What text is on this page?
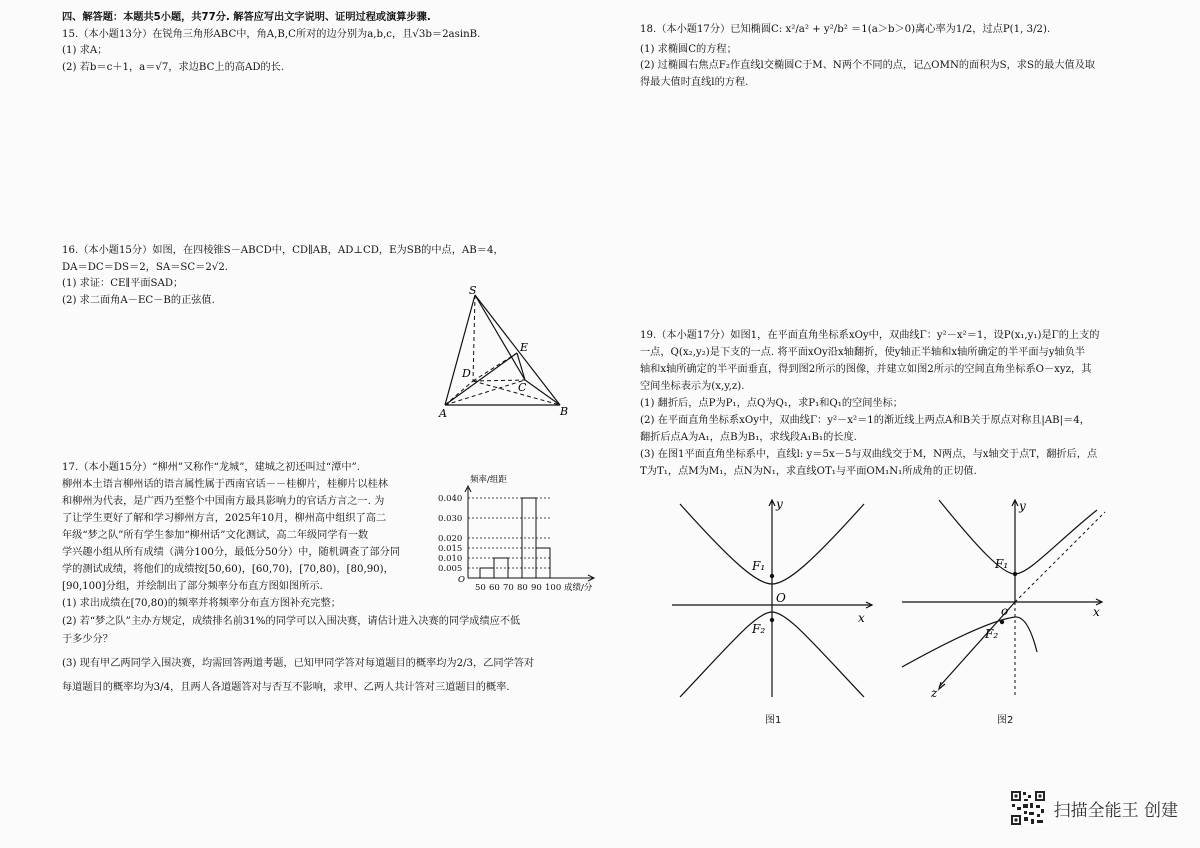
四、解答题：本题共5小题，共77分. 解答应写出文字说明、证明过程或演算步骤.

15.（本小题13分）在锐角三角形ABC中，角A,B,C所对的边分别为a,b,c，且√3b＝2asinB.

(1) 求A；

(2) 若b＝c＋1，a＝√7，求边BC上的高AD的长.

16.（本小题15分）如图，在四棱锥S－ABCD中，CD∥AB，AD⊥CD，E为SB的中点，AB＝4，

DA＝DC＝DS＝2，SA＝SC＝2√2.

(1) 求证：CE∥平面SAD；

(2) 求二面角A－EC－B的正弦值.

17.（本小题15分）“柳州”又称作“龙城”，建城之初还叫过“潭中”.

柳州本土语言柳州话的语言属性属于西南官话－－桂柳片，桂柳片以桂林

和柳州为代表，是广西乃至整个中国南方最具影响力的官话方言之一. 为

了让学生更好了解和学习柳州方言，2025年10月，柳州高中组织了高二

年级“梦之队”所有学生参加“柳州话”文化测试，高二年级同学有一数

学兴趣小组从所有成绩（满分100分，最低分50分）中，随机调查了部分同

学的测试成绩，将他们的成绩按[50,60)，[60,70)，[70,80)，[80,90)，

[90,100]分组，并绘制出了部分频率分布直方图如图所示.

(1) 求出成绩在[70,80)的频率并将频率分布直方图补充完整；

(2) 若“梦之队”主办方规定，成绩排名前31%的同学可以入围决赛，请估计进入决赛的同学成绩应不低

于多少分？

(3) 现有甲乙两同学入围决赛，均需回答两道考题，已知甲同学答对每道题目的概率均为2/3，乙同学答对

每道题目的概率均为3/4，且两人各道题答对与否互不影响，求甲、乙两人共计答对三道题目的概率.

S
E
D
C
A	B
0.040
0.030
0.020
0.015
0.010
0.005
50 60 70 80 90 100
频率/组距
O
成绩/分

18.（本小题17分）已知椭圆C: x²/a² + y²/b² ＝1(a＞b＞0)离心率为1/2，过点P(1, 3/2).

(1) 求椭圆C的方程；

(2) 过椭圆右焦点F₂作直线l交椭圆C于M、N两个不同的点，记△OMN的面积为S，求S的最大值及取

得最大值时直线l的方程.

19.（本小题17分）如图1，在平面直角坐标系xOy中，双曲线Γ：y²－x²＝1，设P(x₁,y₁)是Γ的上支的

一点，Q(x₂,y₂)是下支的一点. 将平面xOy沿x轴翻折，使y轴正半轴和x轴所确定的半平面与y轴负半

轴和x轴所确定的半平面垂直，得到图2所示的图像，并建立如图2所示的空间直角坐标系O－xyz，其

空间坐标表示为(x,y,z).

(1) 翻折后，点P为P₁，点Q为Q₁，求P₁和Q₁的空间坐标；

(2) 在平面直角坐标系xOy中，双曲线Γ：y²－x²＝1的渐近线上两点A和B关于原点对称且|AB|＝4，

翻折后点A为A₁，点B为B₁，求线段A₁B₁的长度.

(3) 在图1平面直角坐标系中，直线l: y＝5x－5与双曲线交于M，N两点，与x轴交于点T，翻折后，点

T为T₁，点M为M₁，点N为N₁，求直线OT₁与平面OM₁N₁所成角的正切值.

y
x
O
F₁
F₂
图1
y
x
z
o
F₁
F₂
图2
扫描全能王 创建
